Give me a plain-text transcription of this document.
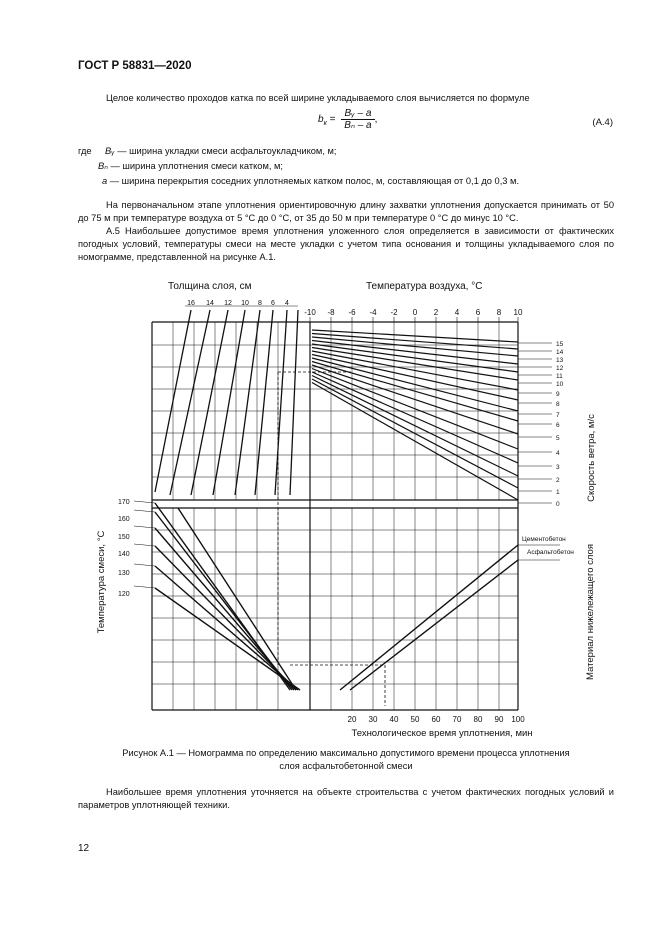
ГОСТ Р 58831—2020
Целое количество проходов катка по всей ширине укладываемого слоя вычисляется по формуле
$b_к = \frac{\text{Bᵧ – a}}{\text{Bₙ – a}}$ ,	(А.4)
где Bᵧ — ширина укладки смеси асфальтоукладчиком, м;
Bₙ — ширина уплотнения смеси катком, м;
a — ширина перекрытия соседних уплотняемых катком полос, м, составляющая от 0,1 до 0,3 м.
На первоначальном этапе уплотнения ориентировочную длину захватки уплотнения допускается принимать от 50 до 75 м при температуре воздуха от 5 °С до 0 °С, от 35 до 50 м при температуре 0 °С до минус 10 °С.
А.5 Наибольшее допустимое время уплотнения уложенного слоя определяется в зависимости от фактических погодных условий, температуры смеси на месте укладки с учетом типа основания и толщины укладываемого слоя по номограмме, представленной на рисунке А.1.
Толщина слоя, см	Температура воздуха, °С
Технологическое время уплотнения, мин
Скорость ветра, м/с
Температура смеси, °С	Материал нижележащего слоя
16 14 12 10 8 6 4
-10 -8 -6 -4 -2 0 2 4 6 8 10
15
14
13
12
11
10
9
8
7
6
5
4
3
2
1
0
170
160
150
140
130
120
Цементобетон
Асфальтобетон
20 30 40 50 60 70 80 90 100
Рисунок А.1 — Номограмма по определению максимально допустимого времени процесса уплотнения
слоя асфальтобетонной смеси
Наибольшее время уплотнения уточняется на объекте строительства с учетом фактических погодных условий и параметров уплотняющей техники.
12
